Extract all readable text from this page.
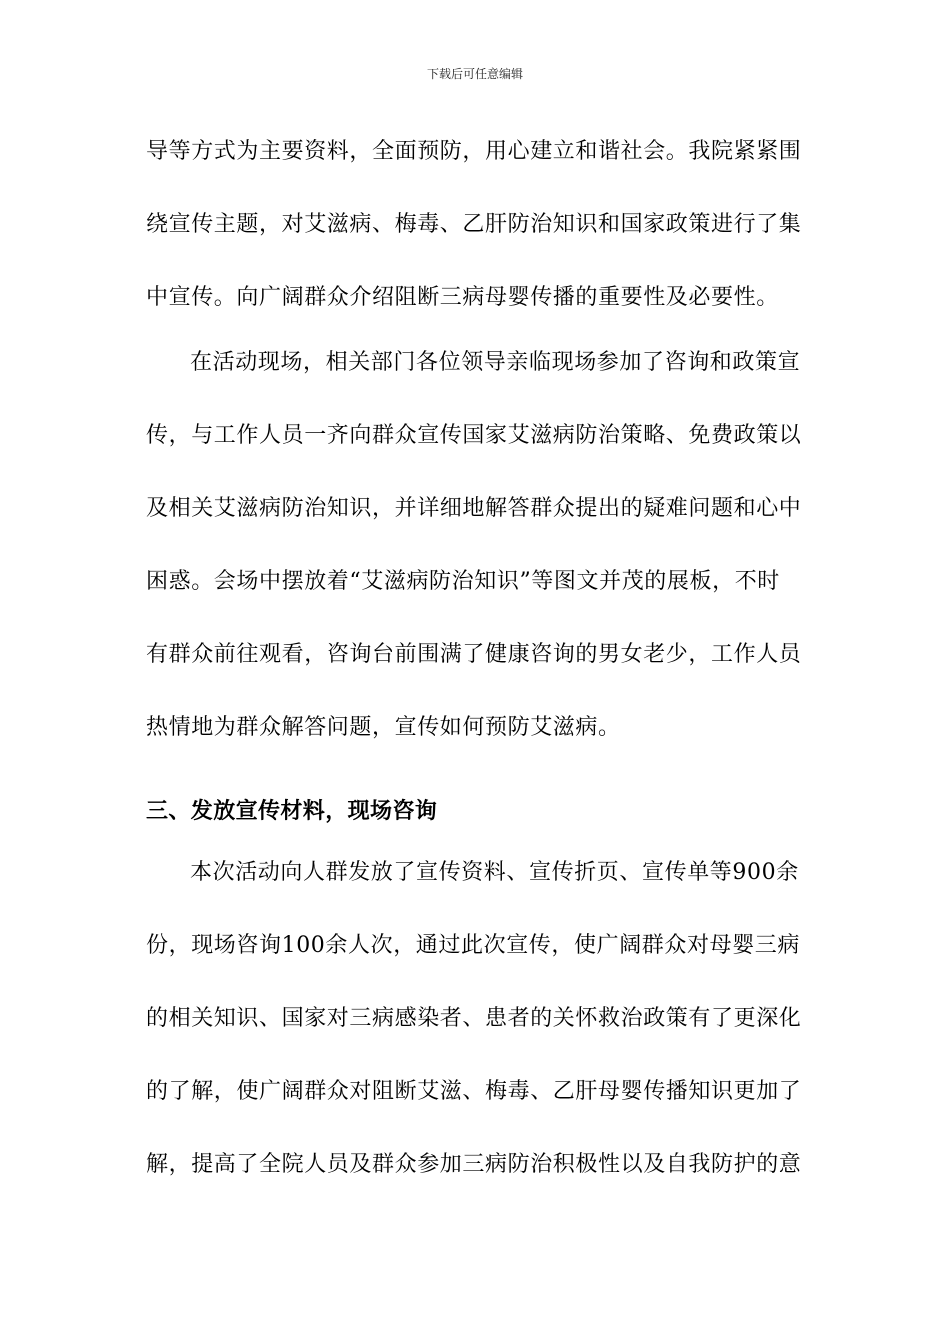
下载后可任意编辑
导等方式为主要资料，全面预防，用心建立和谐社会。我院紧紧围
绕宣传主题，对艾滋病、梅毒、乙肝防治知识和国家政策进行了集
中宣传。向广阔群众介绍阻断三病母婴传播的重要性及必要性。
在活动现场，相关部门各位领导亲临现场参加了咨询和政策宣
传，与工作人员一齐向群众宣传国家艾滋病防治策略、免费政策以
及相关艾滋病防治知识，并详细地解答群众提出的疑难问题和心中
困惑。会场中摆放着“艾滋病防治知识”等图文并茂的展板，不时
有群众前往观看，咨询台前围满了健康咨询的男女老少，工作人员
热情地为群众解答问题，宣传如何预防艾滋病。
三、发放宣传材料，现场咨询
本次活动向人群发放了宣传资料、宣传折页、宣传单等900余
份，现场咨询100余人次，通过此次宣传，使广阔群众对母婴三病
的相关知识、国家对三病感染者、患者的关怀救治政策有了更深化
的了解，使广阔群众对阻断艾滋、梅毒、乙肝母婴传播知识更加了
解，提高了全院人员及群众参加三病防治积极性以及自我防护的意
